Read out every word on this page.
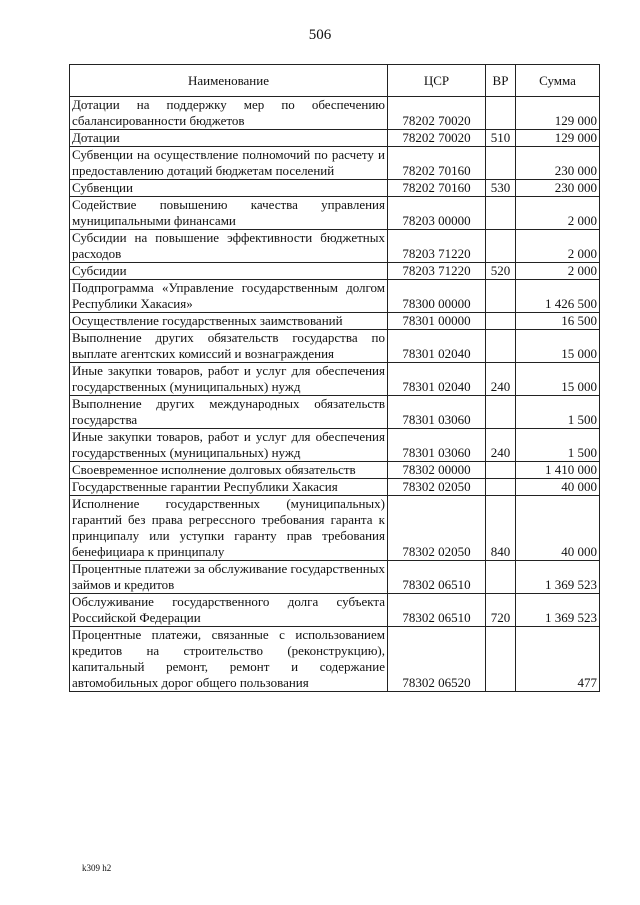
506
Наименование	ЦСР	ВР	Сумма
Дотации на поддержку мер по обеспечению сбалансированности бюджетов	78202 70020		129 000
Дотации	78202 70020	510	129 000
Субвенции на осуществление полномочий по расчету и предоставлению дотаций бюджетам поселений	78202 70160		230 000
Субвенции	78202 70160	530	230 000
Содействие повышению качества управления муниципальными финансами	78203 00000		2 000
Субсидии на повышение эффективности бюджетных расходов	78203 71220		2 000
Субсидии	78203 71220	520	2 000
Подпрограмма «Управление государственным долгом Республики Хакасия»	78300 00000		1 426 500
Осуществление государственных заимствований	78301 00000		16 500
Выполнение других обязательств государства по выплате агентских комиссий и вознаграждения	78301 02040		15 000
Иные закупки товаров, работ и услуг для обеспечения государственных (муниципальных) нужд	78301 02040	240	15 000
Выполнение других международных обязательств государства	78301 03060		1 500
Иные закупки товаров, работ и услуг для обеспечения государственных (муниципальных) нужд	78301 03060	240	1 500
Своевременное исполнение долговых обязательств	78302 00000		1 410 000
Государственные гарантии Республики Хакасия	78302 02050		40 000
Исполнение государственных (муниципальных) гарантий без права регрессного требования гаранта к принципалу или уступки гаранту прав требования бенефициара к принципалу	78302 02050	840	40 000
Процентные платежи за обслуживание государственных займов и кредитов	78302 06510		1 369 523
Обслуживание государственного долга субъекта Российской Федерации	78302 06510	720	1 369 523
Процентные платежи, связанные с использованием кредитов на строительство (реконструкцию), капитальный ремонт, ремонт и содержание автомобильных дорог общего пользования	78302 06520		477
k309 h2
